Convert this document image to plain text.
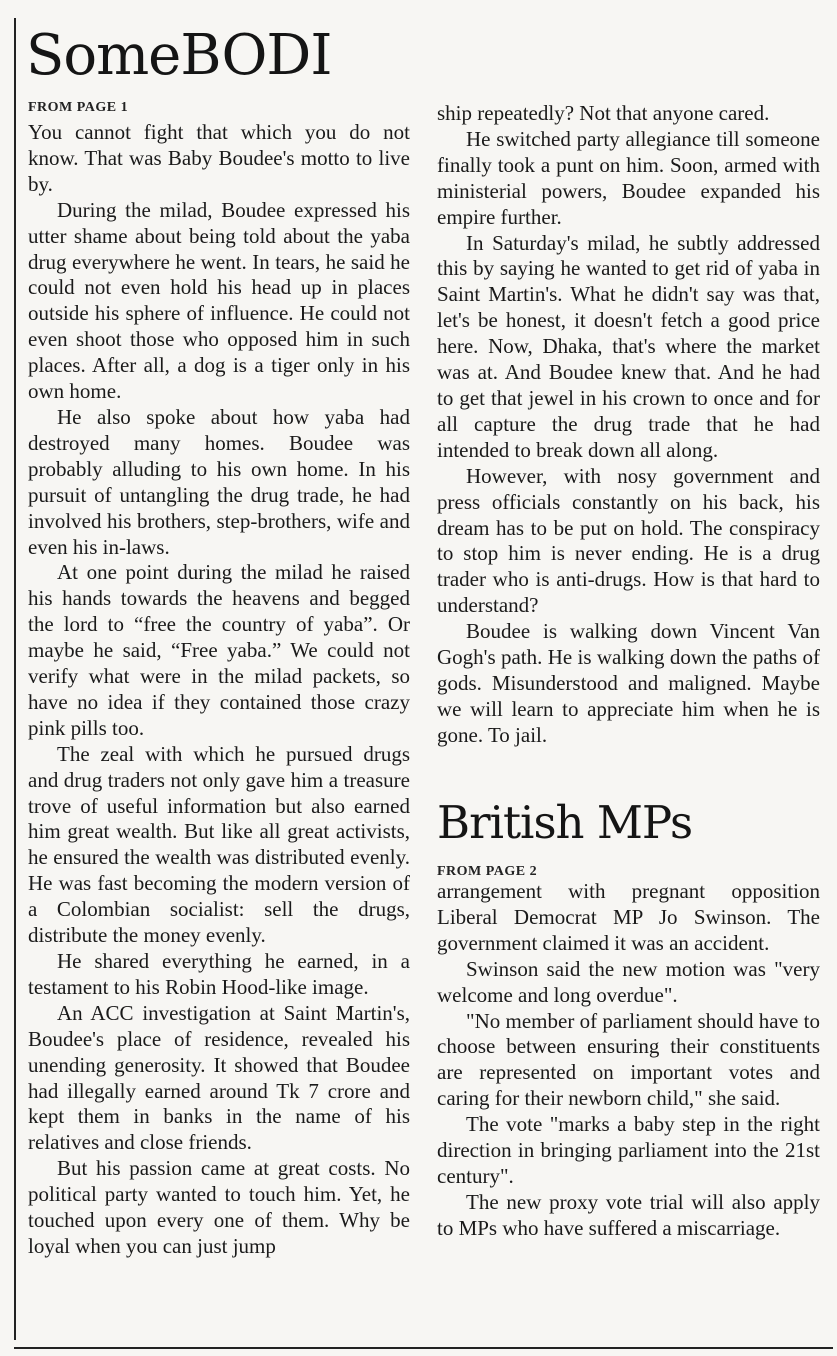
SomeBODI
FROM PAGE 1

You cannot fight that which you do not know. That was Baby Boudee's motto to live by.

During the milad, Boudee expressed his utter shame about being told about the yaba drug everywhere he went. In tears, he said he could not even hold his head up in places outside his sphere of influence. He could not even shoot those who opposed him in such places. After all, a dog is a tiger only in his own home.

He also spoke about how yaba had destroyed many homes. Boudee was probably alluding to his own home. In his pursuit of untangling the drug trade, he had involved his brothers, step-brothers, wife and even his in-laws.

At one point during the milad he raised his hands towards the heavens and begged the lord to “free the country of yaba”. Or maybe he said, “Free yaba.” We could not verify what were in the milad packets, so have no idea if they contained those crazy pink pills too.

The zeal with which he pursued drugs and drug traders not only gave him a treasure trove of useful information but also earned him great wealth. But like all great activists, he ensured the wealth was distributed evenly. He was fast becoming the modern version of a Colombian socialist: sell the drugs, distribute the money evenly.

He shared everything he earned, in a testament to his Robin Hood-like image.

An ACC investigation at Saint Martin's, Boudee's place of residence, revealed his unending generosity. It showed that Boudee had illegally earned around Tk 7 crore and kept them in banks in the name of his relatives and close friends.

But his passion came at great costs. No political party wanted to touch him. Yet, he touched upon every one of them. Why be loyal when you can just jump

ship repeatedly? Not that anyone cared.

He switched party allegiance till someone finally took a punt on him. Soon, armed with ministerial powers, Boudee expanded his empire further.

In Saturday's milad, he subtly addressed this by saying he wanted to get rid of yaba in Saint Martin's. What he didn't say was that, let's be honest, it doesn't fetch a good price here. Now, Dhaka, that's where the market was at. And Boudee knew that. And he had to get that jewel in his crown to once and for all capture the drug trade that he had intended to break down all along.

However, with nosy government and press officials constantly on his back, his dream has to be put on hold. The conspiracy to stop him is never ending. He is a drug trader who is anti-drugs. How is that hard to understand?

Boudee is walking down Vincent Van Gogh's path. He is walking down the paths of gods. Misunderstood and maligned. Maybe we will learn to appreciate him when he is gone. To jail.

British MPs
FROM PAGE 2

arrangement with pregnant opposition Liberal Democrat MP Jo Swinson. The government claimed it was an accident.

Swinson said the new motion was "very welcome and long overdue".

"No member of parliament should have to choose between ensuring their constituents are represented on important votes and caring for their newborn child," she said.

The vote "marks a baby step in the right direction in bringing parliament into the 21st century".

The new proxy vote trial will also apply to MPs who have suffered a miscarriage.
